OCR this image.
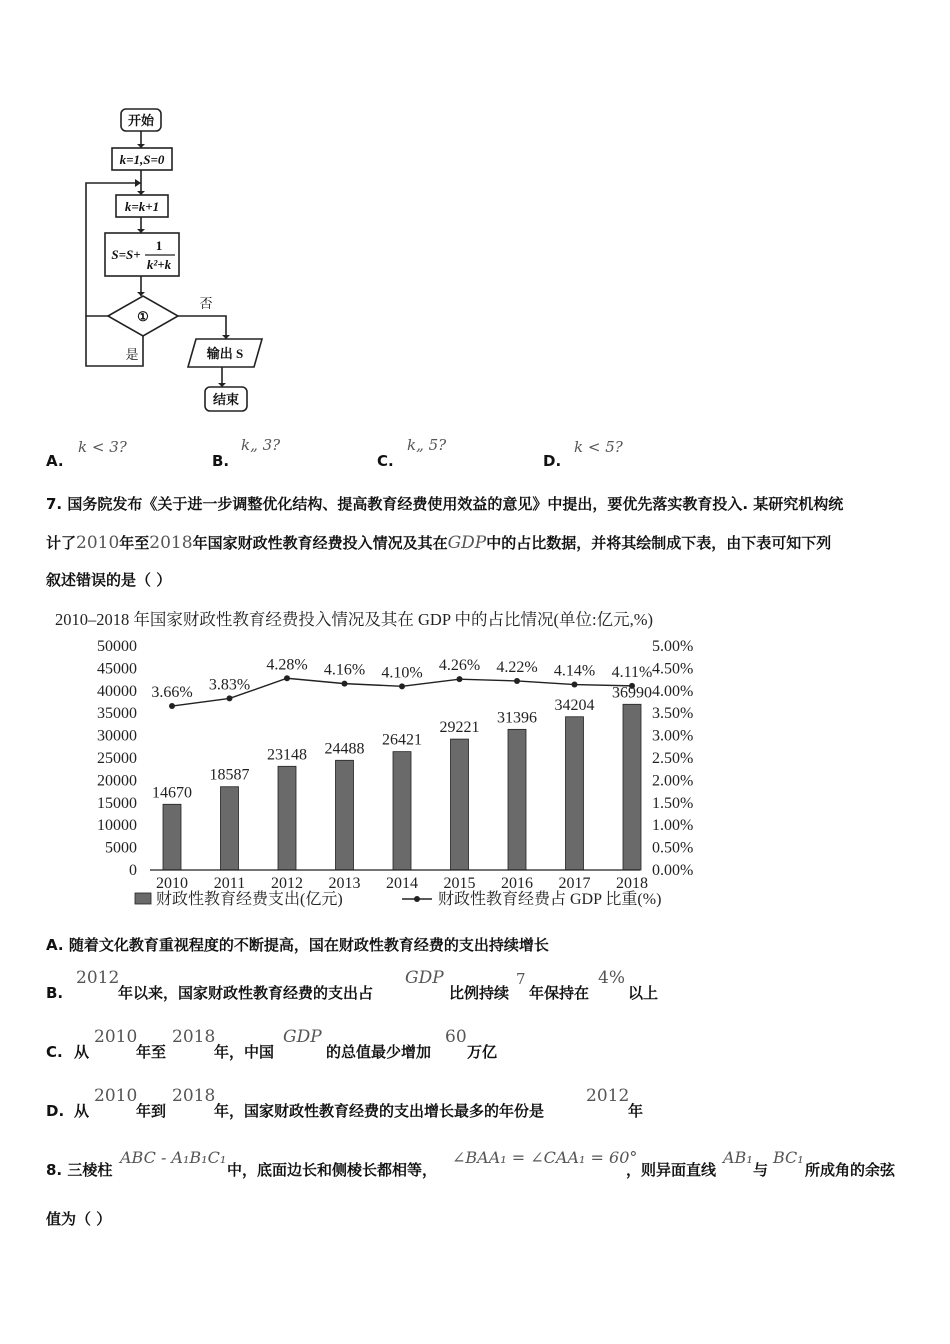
开始
k=1,S=0
k=k+1
S=S+
1
k²+k
①
否
是	输出 S
结束
A.
k < 3?
B.
k„ 3?
C.
k„ 5?
D.
k < 5?
7. 国务院发布《关于进一步调整优化结构、提高教育经费使用效益的意见》中提出，要优先落实教育投入. 某研究机构统
计了2010年至2018年国家财政性教育经费投入情况及其在GDP中的占比数据，并将其绘制成下表，由下表可知下列
叙述错误的是（ ）
2010–2018 年国家财政性教育经费投入情况及其在 GDP 中的占比情况(单位:亿元,%)
0
5000
10000
15000
20000
25000
30000
35000
40000
45000
50000
0.00%
0.50%
1.00%
1.50%
2.00%
2.50%
3.00%
3.50%
4.00%
4.50%
5.00%
2010 2011 2012 2013 2014 2015 2016 2017 2018
14670
18587
23148 24488
26421
29221
31396
34204
36990
3.66% 3.83%
4.28% 4.16% 4.10% 4.26% 4.22% 4.14% 4.11%
财政性教育经费支出(亿元)	财政性教育经费占 GDP 比重(%)
A. 随着文化教育重视程度的不断提高，国在财政性教育经费的支出持续增长
B.
2012
年以来，国家财政性教育经费的支出占
GDP
比例持续
7
年保持在
4%
以上
C. 从
2010
年至
2018
年，中国
GDP
的总值最少增加
60
万亿
D. 从
2010
年到
2018
年，国家财政性教育经费的支出增长最多的年份是
2012
年
8. 三棱柱
ABC - A₁B₁C₁
中，底面边长和侧棱长都相等，
∠BAA₁ = ∠CAA₁ = 60°
，则异面直线
AB₁
与
BC₁
所成角的余弦
值为（ ）
